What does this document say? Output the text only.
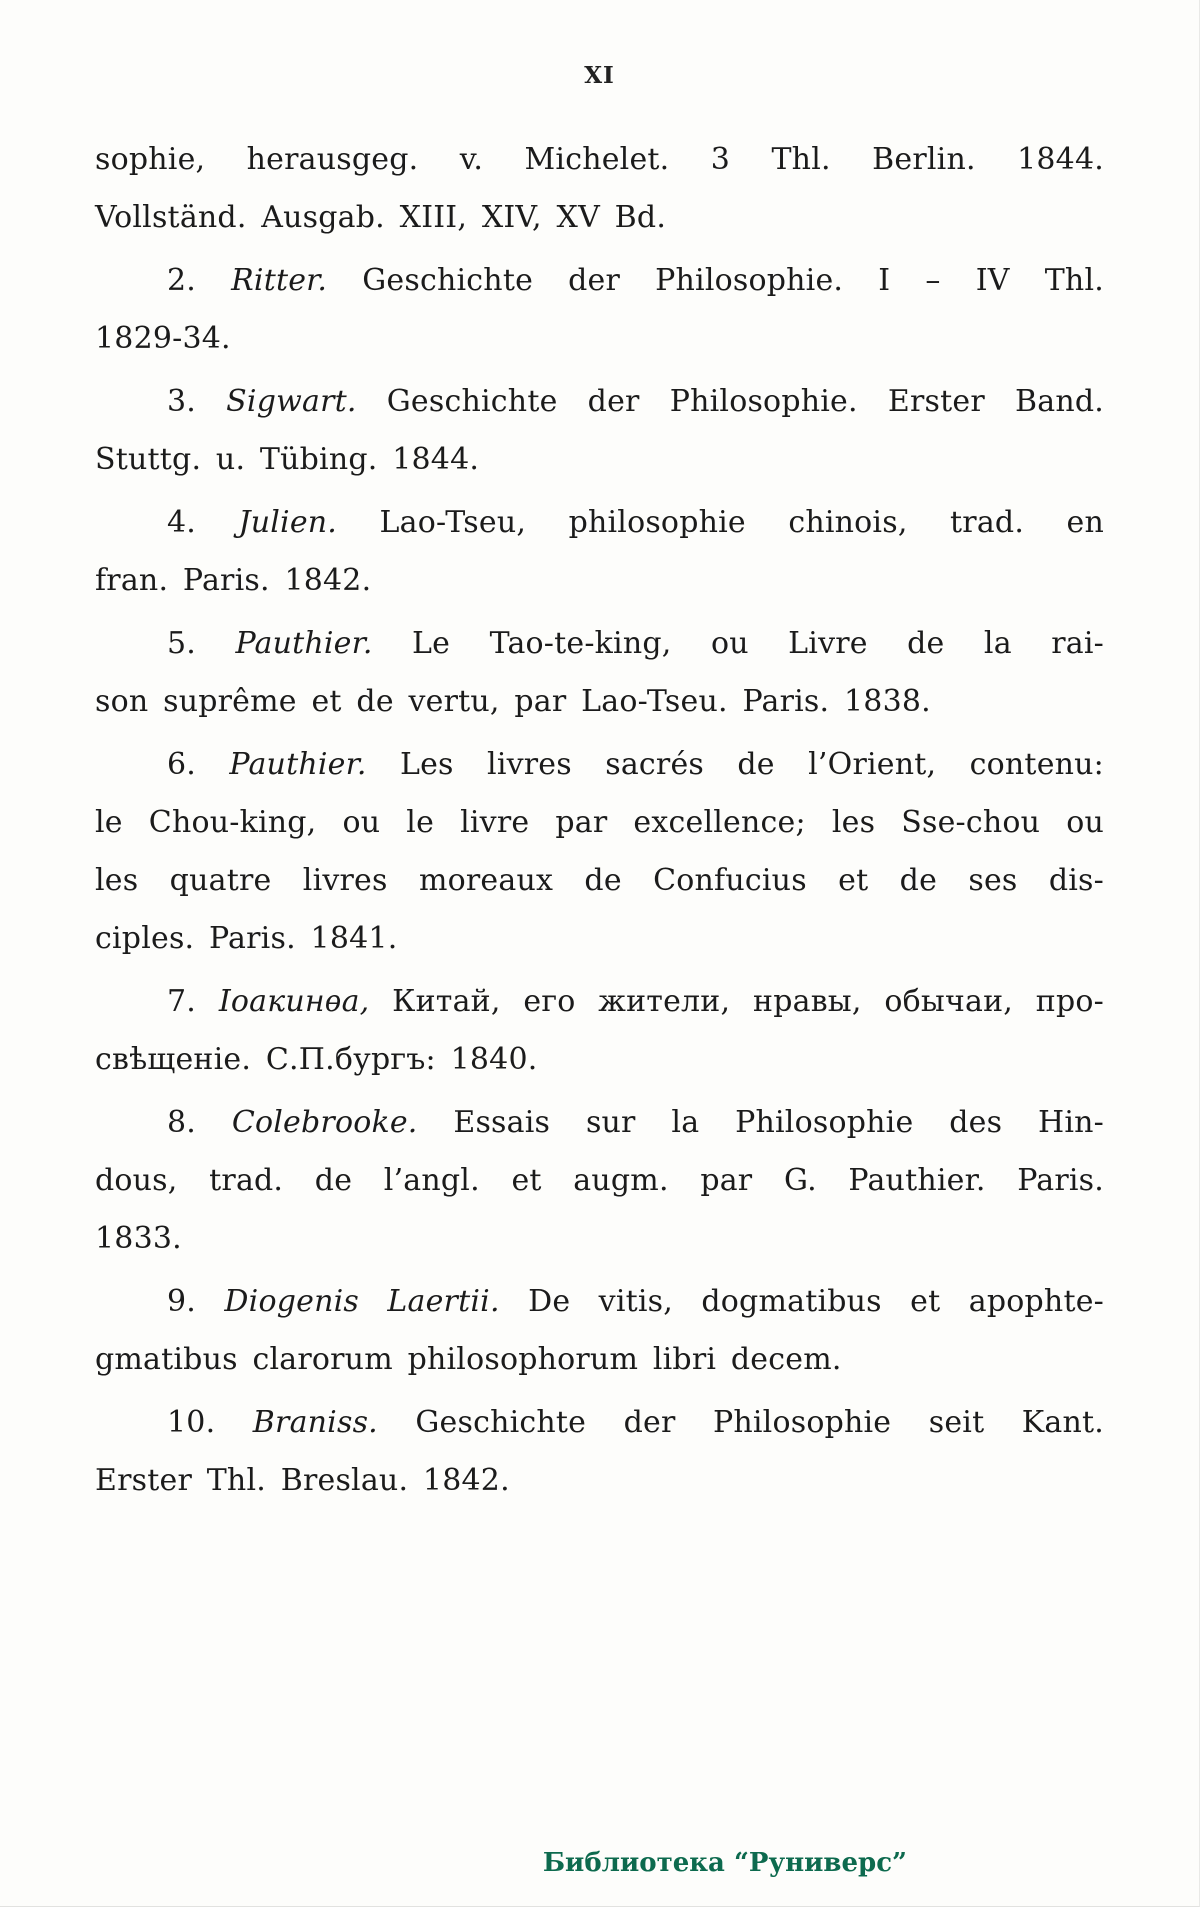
XI
sophie, herausgeg. v. Michelet. 3 Thl. Berlin. 1844.
Vollständ. Ausgab. XIII, XIV, XV Bd.
2. Ritter. Geschichte der Philosophie. I – IV Thl.
1829-34.
3. Sigwart. Geschichte der Philosophie. Erster Band.
Stuttg. u. Tübing. 1844.
4. Julien. Lao-Tseu, philosophie chinois, trad. en
fran. Paris. 1842.
5. Pauthier. Le Tao-te-king, ou Livre de la rai-
son suprême et de vertu, par Lao-Tseu. Paris. 1838.
6. Pauthier. Les livres sacrés de l’Orient, contenu:
le Chou-king, ou le livre par excellence; les Sse-chou ou
les quatre livres moreaux de Confucius et de ses dis-
ciples. Paris. 1841.
7. Іоакинѳа, Китай, его жители, нравы, обычаи, про-
свѣщеніе. С.П.бургъ: 1840.
8. Colebrooke. Essais sur la Philosophie des Hin-
dous, trad. de l’angl. et augm. par G. Pauthier. Paris.
1833.
9. Diogenis Laertii. De vitis, dogmatibus et apophte-
gmatibus clarorum philosophorum libri decem.
10. Braniss. Geschichte der Philosophie seit Kant.
Erster Thl. Breslau. 1842.
Библиотека “Руниверс”
